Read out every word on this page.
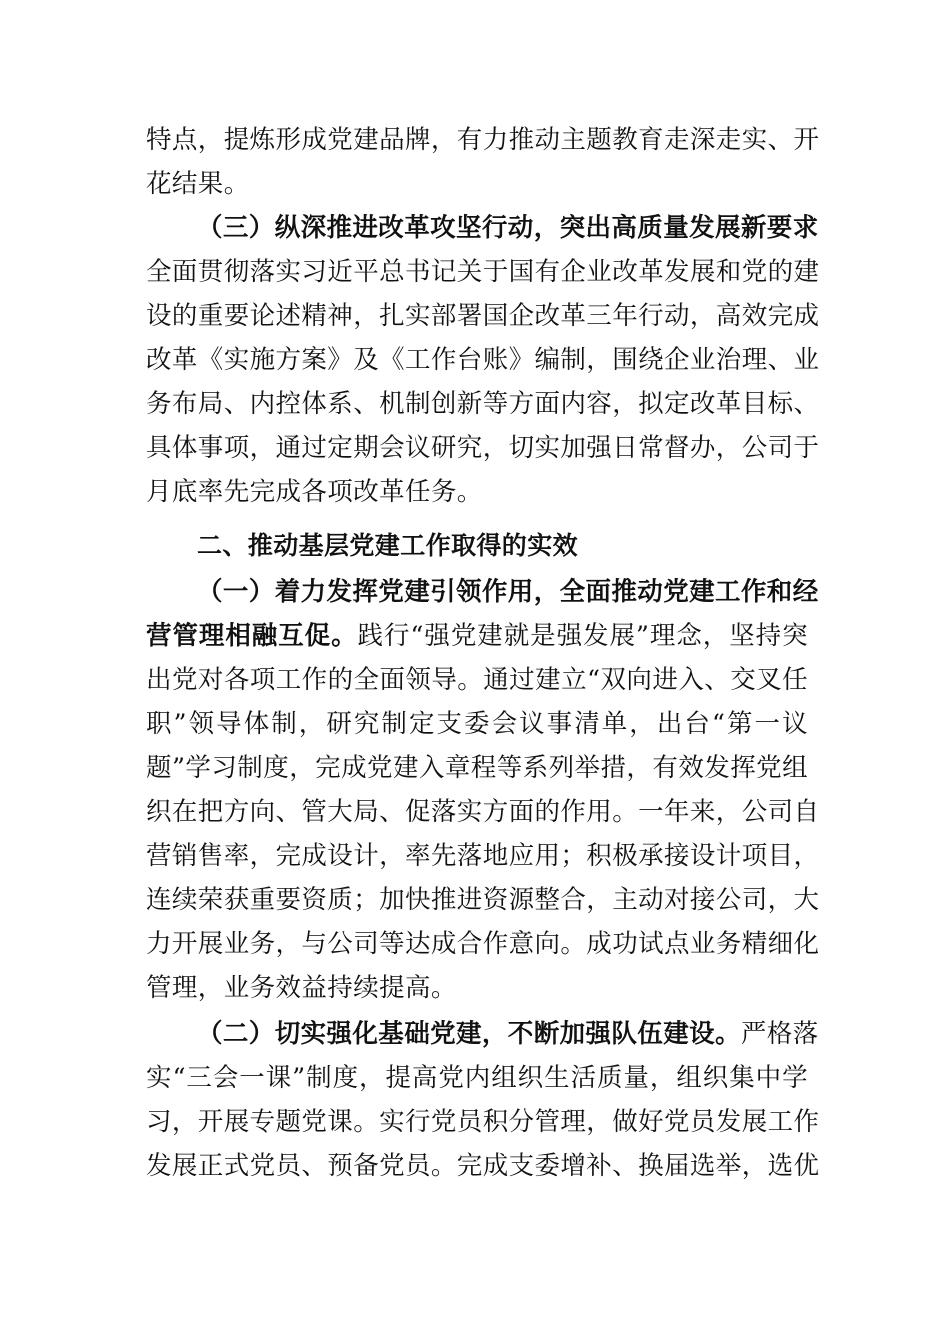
特点，提炼形成党建品牌，有力推动主题教育走深走实、开
花结果。
（三）纵深推进改革攻坚行动，突出高质量发展新要求
全面贯彻落实习近平总书记关于国有企业改革发展和党的建
设的重要论述精神，扎实部署国企改革三年行动，高效完成
改革《实施方案》及《工作台账》编制，围绕企业治理、业
务布局、内控体系、机制创新等方面内容，拟定改革目标、
具体事项，通过定期会议研究，切实加强日常督办，公司于
月底率先完成各项改革任务。
二、推动基层党建工作取得的实效
（一）着力发挥党建引领作用，全面推动党建工作和经
营管理相融互促。践行“强党建就是强发展”理念，坚持突
出党对各项工作的全面领导。通过建立“双向进入、交叉任
职”领导体制，研究制定支委会议事清单，出台“第一议
题”学习制度，完成党建入章程等系列举措，有效发挥党组
织在把方向、管大局、促落实方面的作用。一年来，公司自
营销售率，完成设计，率先落地应用；积极承接设计项目，
连续荣获重要资质；加快推进资源整合，主动对接公司，大
力开展业务，与公司等达成合作意向。成功试点业务精细化
管理，业务效益持续提高。
（二）切实强化基础党建，不断加强队伍建设。严格落
实“三会一课”制度，提高党内组织生活质量，组织集中学
习，开展专题党课。实行党员积分管理，做好党员发展工作
发展正式党员、预备党员。完成支委增补、换届选举，选优
